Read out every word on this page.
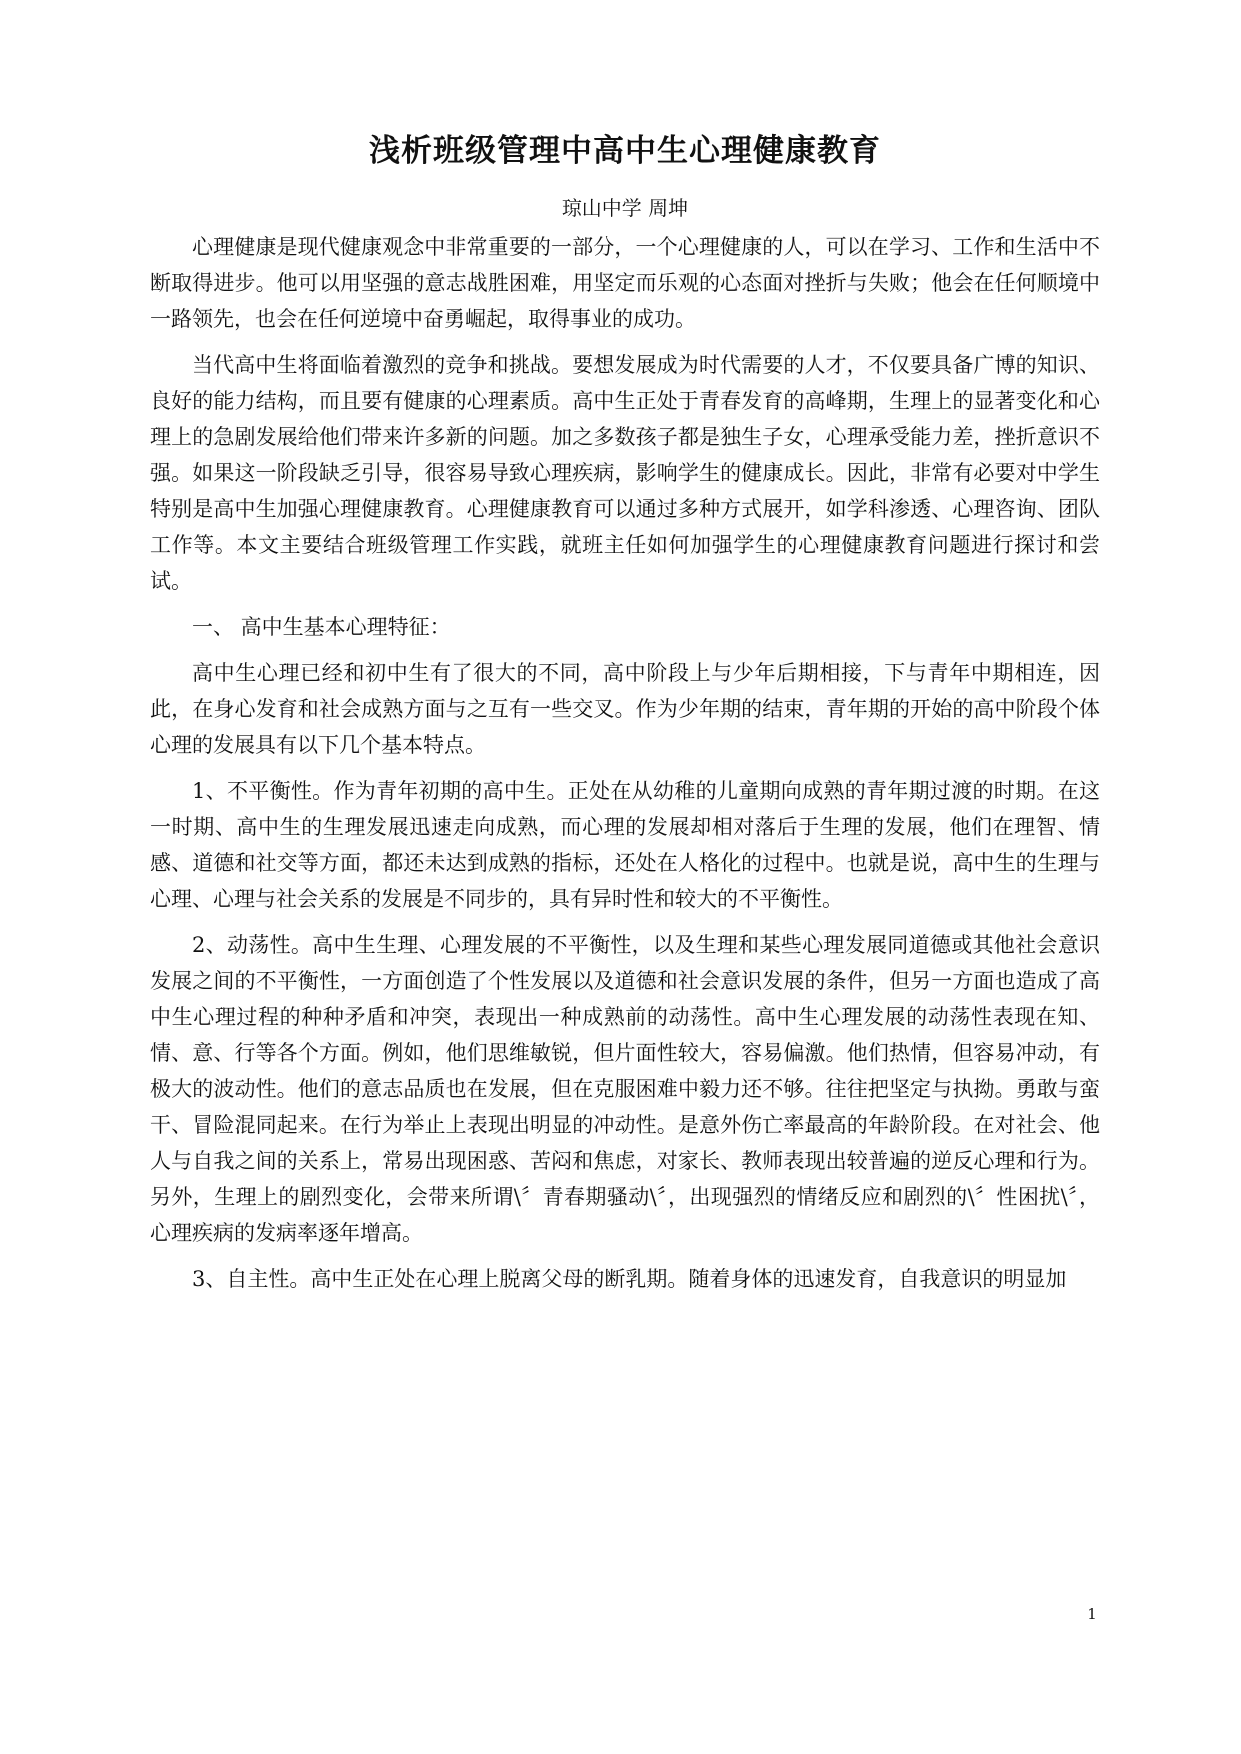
浅析班级管理中高中生心理健康教育

琼山中学 周坤

心理健康是现代健康观念中非常重要的一部分，一个心理健康的人，可以在学习、工作和生活中不断取得进步。他可以用坚强的意志战胜困难，用坚定而乐观的心态面对挫折与失败；他会在任何顺境中一路领先，也会在任何逆境中奋勇崛起，取得事业的成功。

当代高中生将面临着激烈的竞争和挑战。要想发展成为时代需要的人才，不仅要具备广博的知识、良好的能力结构，而且要有健康的心理素质。高中生正处于青春发育的高峰期，生理上的显著变化和心理上的急剧发展给他们带来许多新的问题。加之多数孩子都是独生子女，心理承受能力差，挫折意识不强。如果这一阶段缺乏引导，很容易导致心理疾病，影响学生的健康成长。因此，非常有必要对中学生特别是高中生加强心理健康教育。心理健康教育可以通过多种方式展开，如学科渗透、心理咨询、团队工作等。本文主要结合班级管理工作实践，就班主任如何加强学生的心理健康教育问题进行探讨和尝试。

一、 高中生基本心理特征：

高中生心理已经和初中生有了很大的不同，高中阶段上与少年后期相接，下与青年中期相连，因此，在身心发育和社会成熟方面与之互有一些交叉。作为少年期的结束，青年期的开始的高中阶段个体心理的发展具有以下几个基本特点。

1、不平衡性。作为青年初期的高中生。正处在从幼稚的儿童期向成熟的青年期过渡的时期。在这一时期、高中生的生理发展迅速走向成熟，而心理的发展却相对落后于生理的发展，他们在理智、情感、道德和社交等方面，都还未达到成熟的指标，还处在人格化的过程中。也就是说，高中生的生理与心理、心理与社会关系的发展是不同步的，具有异时性和较大的不平衡性。

2、动荡性。高中生生理、心理发展的不平衡性，以及生理和某些心理发展同道德或其他社会意识发展之间的不平衡性，一方面创造了个性发展以及道德和社会意识发展的条件，但另一方面也造成了高中生心理过程的种种矛盾和冲突，表现出一种成熟前的动荡性。高中生心理发展的动荡性表现在知、情、意、行等各个方面。例如，他们思维敏锐，但片面性较大，容易偏激。他们热情，但容易冲动，有极大的波动性。他们的意志品质也在发展，但在克服困难中毅力还不够。往往把坚定与执拗。勇敢与蛮干、冒险混同起来。在行为举止上表现出明显的冲动性。是意外伤亡率最高的年龄阶段。在对社会、他人与自我之间的关系上，常易出现困惑、苦闷和焦虑，对家长、教师表现出较普遍的逆反心理和行为。另外，生理上的剧烈变化，会带来所谓\〞青春期骚动\〞，出现强烈的情绪反应和剧烈的\〞性困扰\〞，心理疾病的发病率逐年增高。

3、自主性。高中生正处在心理上脱离父母的断乳期。随着身体的迅速发育，自我意识的明显加

1
